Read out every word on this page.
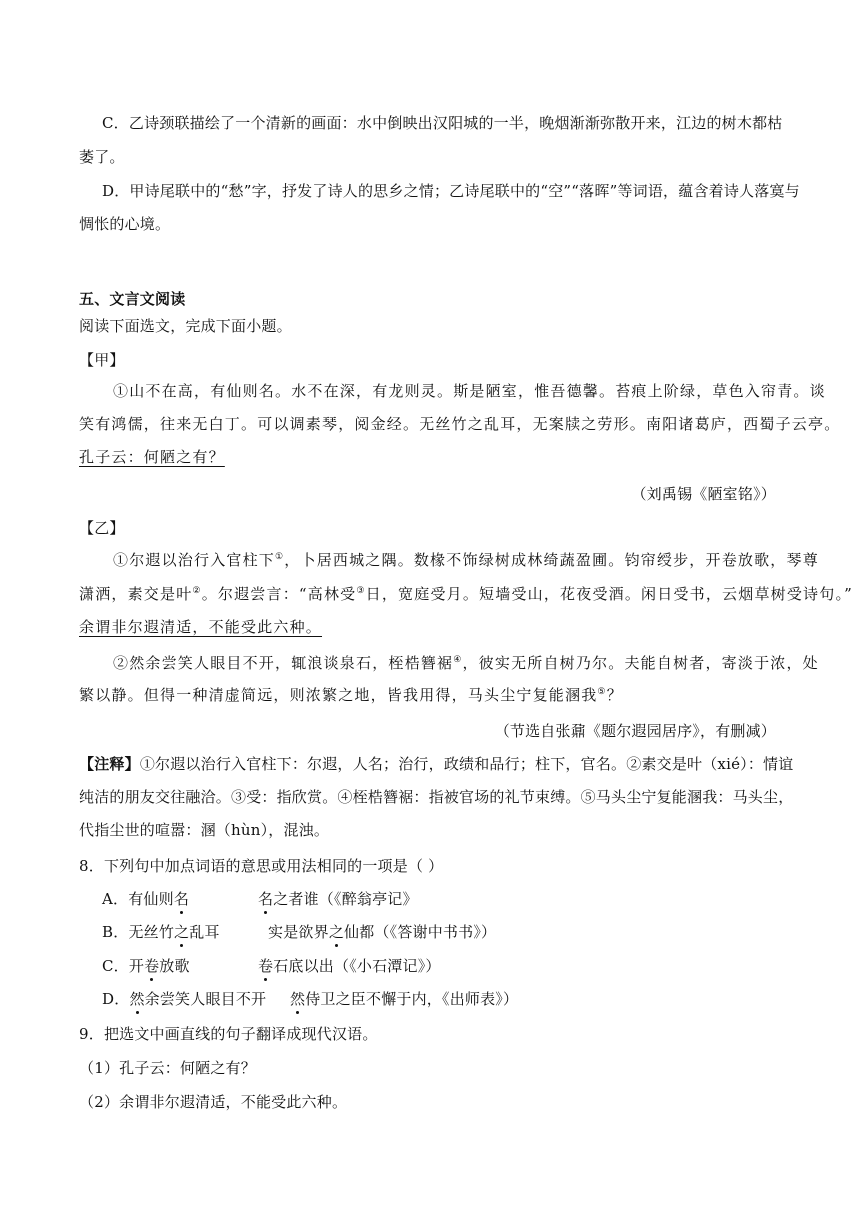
C．乙诗颈联描绘了一个清新的画面：水中倒映出汉阳城的一半，晚烟渐渐弥散开来，江边的树木都枯
萎了。
D．甲诗尾联中的“愁”字，抒发了诗人的思乡之情；乙诗尾联中的“空”“落晖”等词语，蕴含着诗人落寞与
惆怅的心境。
五、文言文阅读
阅读下面选文，完成下面小题。
【甲】
①山不在高，有仙则名。水不在深，有龙则灵。斯是陋室，惟吾德馨。苔痕上阶绿，草色入帘青。谈
笑有鸿儒，往来无白丁。可以调素琴，阅金经。无丝竹之乱耳，无案牍之劳形。南阳诸葛庐，西蜀子云亭。
孔子云：何陋之有？
（刘禹锡《陋室铭》）
【乙】
①尔遐以治行入官柱下①，卜居西城之隅。数椽不饰绿树成林绮蔬盈圃。钧帘绶步，开卷放歌，琴尊
潇洒，素交是叶②。尔遐尝言：“高林受③日，宽庭受月。短墙受山，花夜受酒。闲日受书，云烟草树受诗句。”
余谓非尔遐清适，不能受此六种。
②然余尝笑人眼目不开，辄浪谈泉石，桎梏簪裾④，彼实无所自树乃尔。夫能自树者，寄淡于浓，处
繁以静。但得一种清虚简远，则浓繁之地，皆我用得，马头尘宁复能溷我⑤？
（节选自张鼐《题尔遐园居序》，有删减）
【注释】①尔遐以治行入官柱下：尔遐，人名；治行，政绩和品行；柱下，官名。②素交是叶（xié）：情谊
纯洁的朋友交往融洽。③受：指欣赏。④桎梏簪裾：指被官场的礼节束缚。⑤马头尘宁复能溷我：马头尘，
代指尘世的喧嚣：溷（hùn），混浊。
8．下列句中加点词语的意思或用法相同的一项是（ ）
A．有仙则名	名之者谁（《醉翁亭记》
B．无丝竹之乱耳	实是欲界之仙都（《答谢中书书》）
C．开卷放歌	卷石底以出（《小石潭记》）
D．然余尝笑人眼目不开 然侍卫之臣不懈于内，《出师表》）
9．把选文中画直线的句子翻译成现代汉语。
（1）孔子云：何陋之有？
（2）余谓非尔遐清适，不能受此六种。
